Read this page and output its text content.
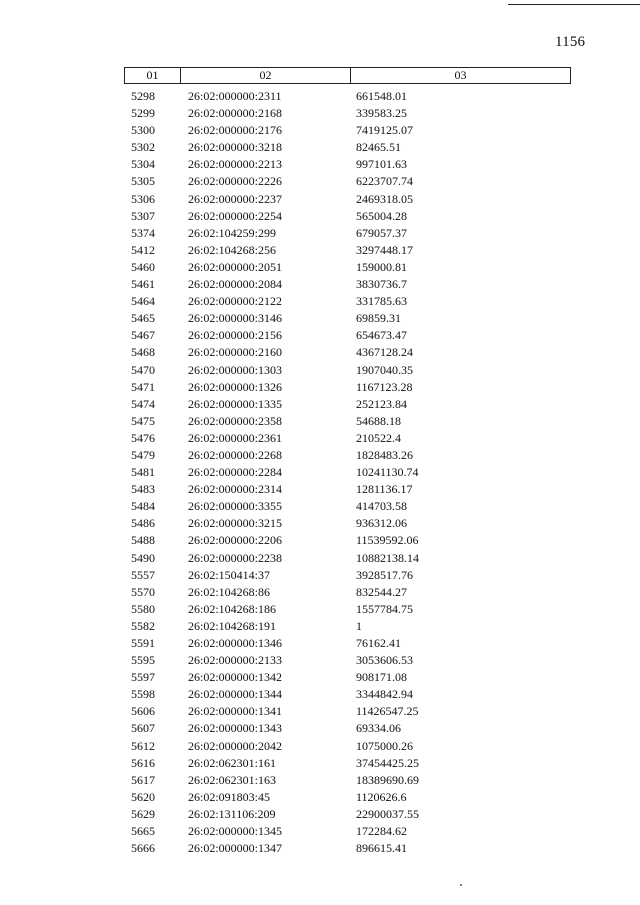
1156
01	02	03
5298	26:02:000000:2311	661548.01
5299	26:02:000000:2168	339583.25
5300	26:02:000000:2176	7419125.07
5302	26:02:000000:3218	82465.51
5304	26:02:000000:2213	997101.63
5305	26:02:000000:2226	6223707.74
5306	26:02:000000:2237	2469318.05
5307	26:02:000000:2254	565004.28
5374	26:02:104259:299	679057.37
5412	26:02:104268:256	3297448.17
5460	26:02:000000:2051	159000.81
5461	26:02:000000:2084	3830736.7
5464	26:02:000000:2122	331785.63
5465	26:02:000000:3146	69859.31
5467	26:02:000000:2156	654673.47
5468	26:02:000000:2160	4367128.24
5470	26:02:000000:1303	1907040.35
5471	26:02:000000:1326	1167123.28
5474	26:02:000000:1335	252123.84
5475	26:02:000000:2358	54688.18
5476	26:02:000000:2361	210522.4
5479	26:02:000000:2268	1828483.26
5481	26:02:000000:2284	10241130.74
5483	26:02:000000:2314	1281136.17
5484	26:02:000000:3355	414703.58
5486	26:02:000000:3215	936312.06
5488	26:02:000000:2206	11539592.06
5490	26:02:000000:2238	10882138.14
5557	26:02:150414:37	3928517.76
5570	26:02:104268:86	832544.27
5580	26:02:104268:186	1557784.75
5582	26:02:104268:191	1
5591	26:02:000000:1346	76162.41
5595	26:02:000000:2133	3053606.53
5597	26:02:000000:1342	908171.08
5598	26:02:000000:1344	3344842.94
5606	26:02:000000:1341	11426547.25
5607	26:02:000000:1343	69334.06
5612	26:02:000000:2042	1075000.26
5616	26:02:062301:161	37454425.25
5617	26:02:062301:163	18389690.69
5620	26:02:091803:45	1120626.6
5629	26:02:131106:209	22900037.55
5665	26:02:000000:1345	172284.62
5666	26:02:000000:1347	896615.41
